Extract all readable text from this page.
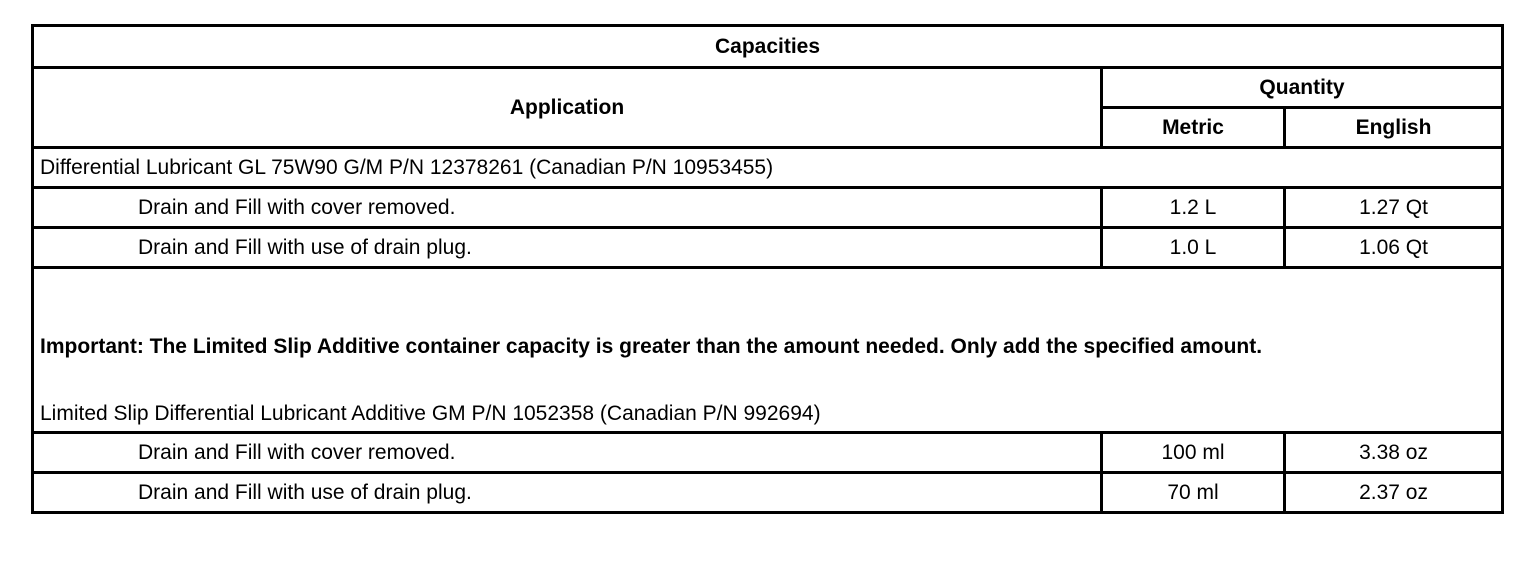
Capacities		
Application	Quantity	
	Metric	English
Differential Lubricant GL 75W90 G/M P/N 12378261 (Canadian P/N 10953455)		
Drain and Fill with cover removed.	1.2 L	1.27 Qt
Drain and Fill with use of drain plug.	1.0 L	1.06 Qt

Important: The Limited Slip Additive container capacity is greater than the amount needed. Only add the specified amount.
Limited Slip Differential Lubricant Additive GM P/N 1052358 (Canadian P/N 992694)		

Drain and Fill with cover removed.	100 ml	3.38 oz
Drain and Fill with use of drain plug.	70 ml	2.37 oz
